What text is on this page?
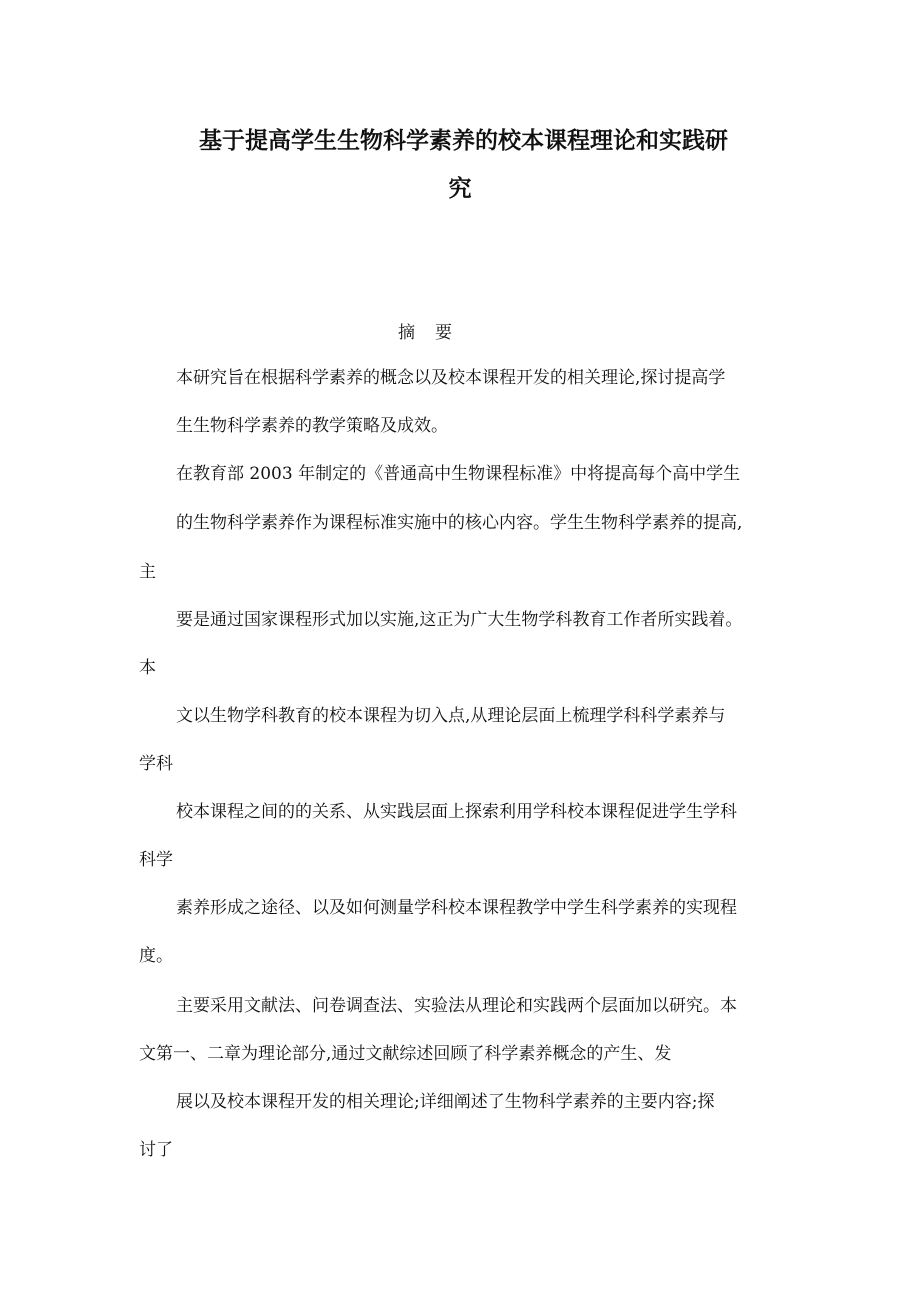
基于提高学生生物科学素养的校本课程理论和实践研
究
摘要
本研究旨在根据科学素养的概念以及校本课程开发的相关理论,探讨提高学
生生物科学素养的教学策略及成效。
在教育部 2003 年制定的《普通高中生物课程标准》中将提高每个高中学生
的生物科学素养作为课程标准实施中的核心内容。学生生物科学素养的提高,
主
要是通过国家课程形式加以实施,这正为广大生物学科教育工作者所实践着。
本
文以生物学科教育的校本课程为切入点,从理论层面上梳理学科科学素养与
学科
校本课程之间的的关系、从实践层面上探索利用学科校本课程促进学生学科
科学
素养形成之途径、以及如何测量学科校本课程教学中学生科学素养的实现程
度。
主要采用文献法、问卷调查法、实验法从理论和实践两个层面加以研究。本
文第一、二章为理论部分,通过文献综述回顾了科学素养概念的产生、发
展以及校本课程开发的相关理论;详细阐述了生物科学素养的主要内容;探
讨了
